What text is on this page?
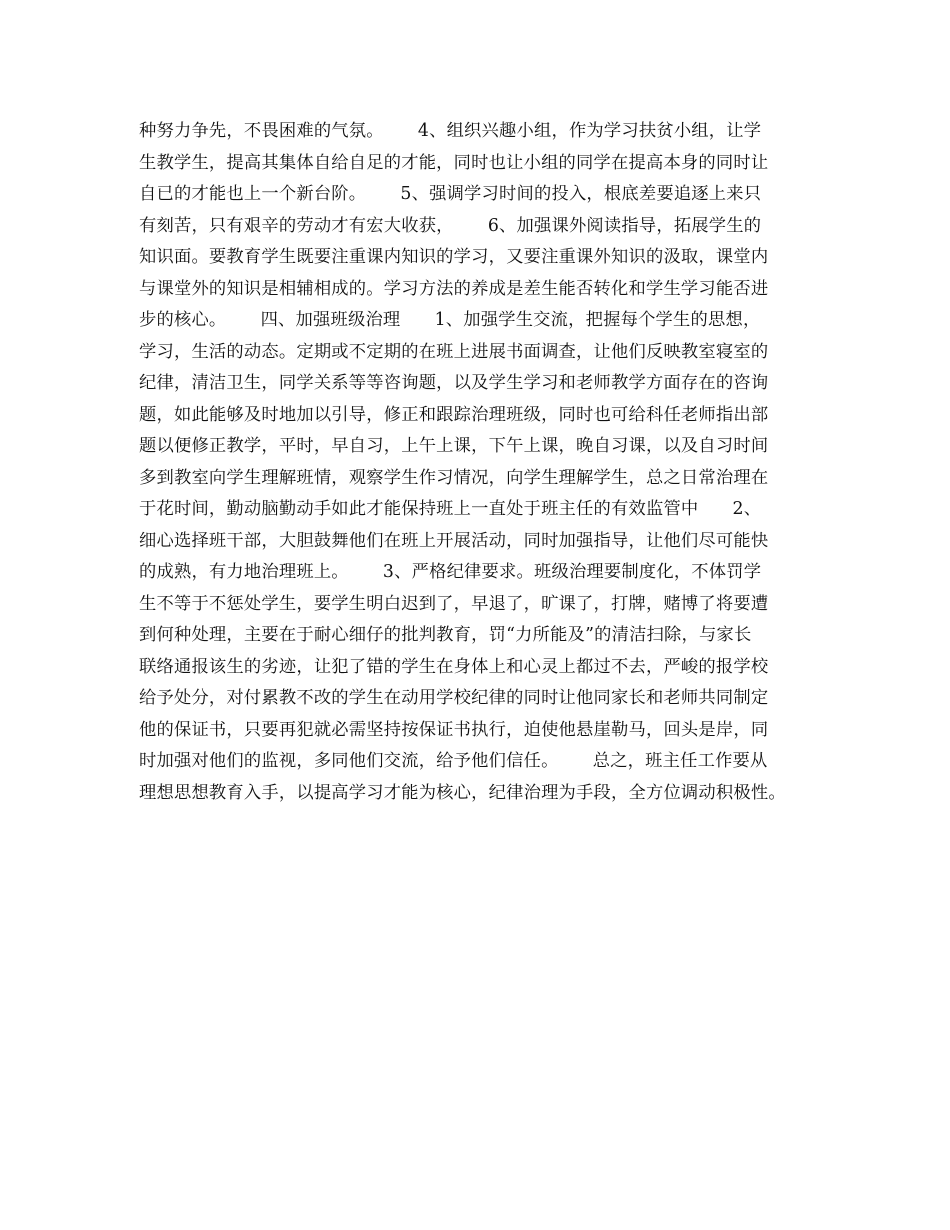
种努力争先，不畏困难的气氛。      4、组织兴趣小组，作为学习扶贫小组，让学
生教学生，提高其集体自给自足的才能，同时也让小组的同学在提高本身的同时让
自已的才能也上一个新台阶。      5、强调学习时间的投入，根底差要追逐上来只
有刻苦，只有艰辛的劳动才有宏大收获，      6、加强课外阅读指导，拓展学生的
知识面。要教育学生既要注重课内知识的学习，又要注重课外知识的汲取，课堂内
与课堂外的知识是相辅相成的。学习方法的养成是差生能否转化和学生学习能否进
步的核心。      四、加强班级治理      1、加强学生交流，把握每个学生的思想，
学习，生活的动态。定期或不定期的在班上进展书面调查，让他们反映教室寝室的
纪律，清洁卫生，同学关系等等咨询题，以及学生学习和老师教学方面存在的咨询
题，如此能够及时地加以引导，修正和跟踪治理班级，同时也可给科任老师指出部
题以便修正教学，平时，早自习，上午上课，下午上课，晚自习课，以及自习时间
多到教室向学生理解班情，观察学生作习情况，向学生理解学生，总之日常治理在
于花时间，勤动脑勤动手如此才能保持班上一直处于班主任的有效监管中      2、
细心选择班干部，大胆鼓舞他们在班上开展活动，同时加强指导，让他们尽可能快
的成熟，有力地治理班上。      3、严格纪律要求。班级治理要制度化，不体罚学
生不等于不惩处学生，要学生明白迟到了，早退了，旷课了，打牌，赌博了将要遭
到何种处理，主要在于耐心细仔的批判教育，罚“力所能及”的清洁扫除，与家长
联络通报该生的劣迹，让犯了错的学生在身体上和心灵上都过不去，严峻的报学校
给予处分，对付累教不改的学生在动用学校纪律的同时让他同家长和老师共同制定
他的保证书，只要再犯就必需坚持按保证书执行，迫使他悬崖勒马，回头是岸，同
时加强对他们的监视，多同他们交流，给予他们信任。      总之，班主任工作要从
理想思想教育入手，以提高学习才能为核心，纪律治理为手段，全方位调动积极性。
